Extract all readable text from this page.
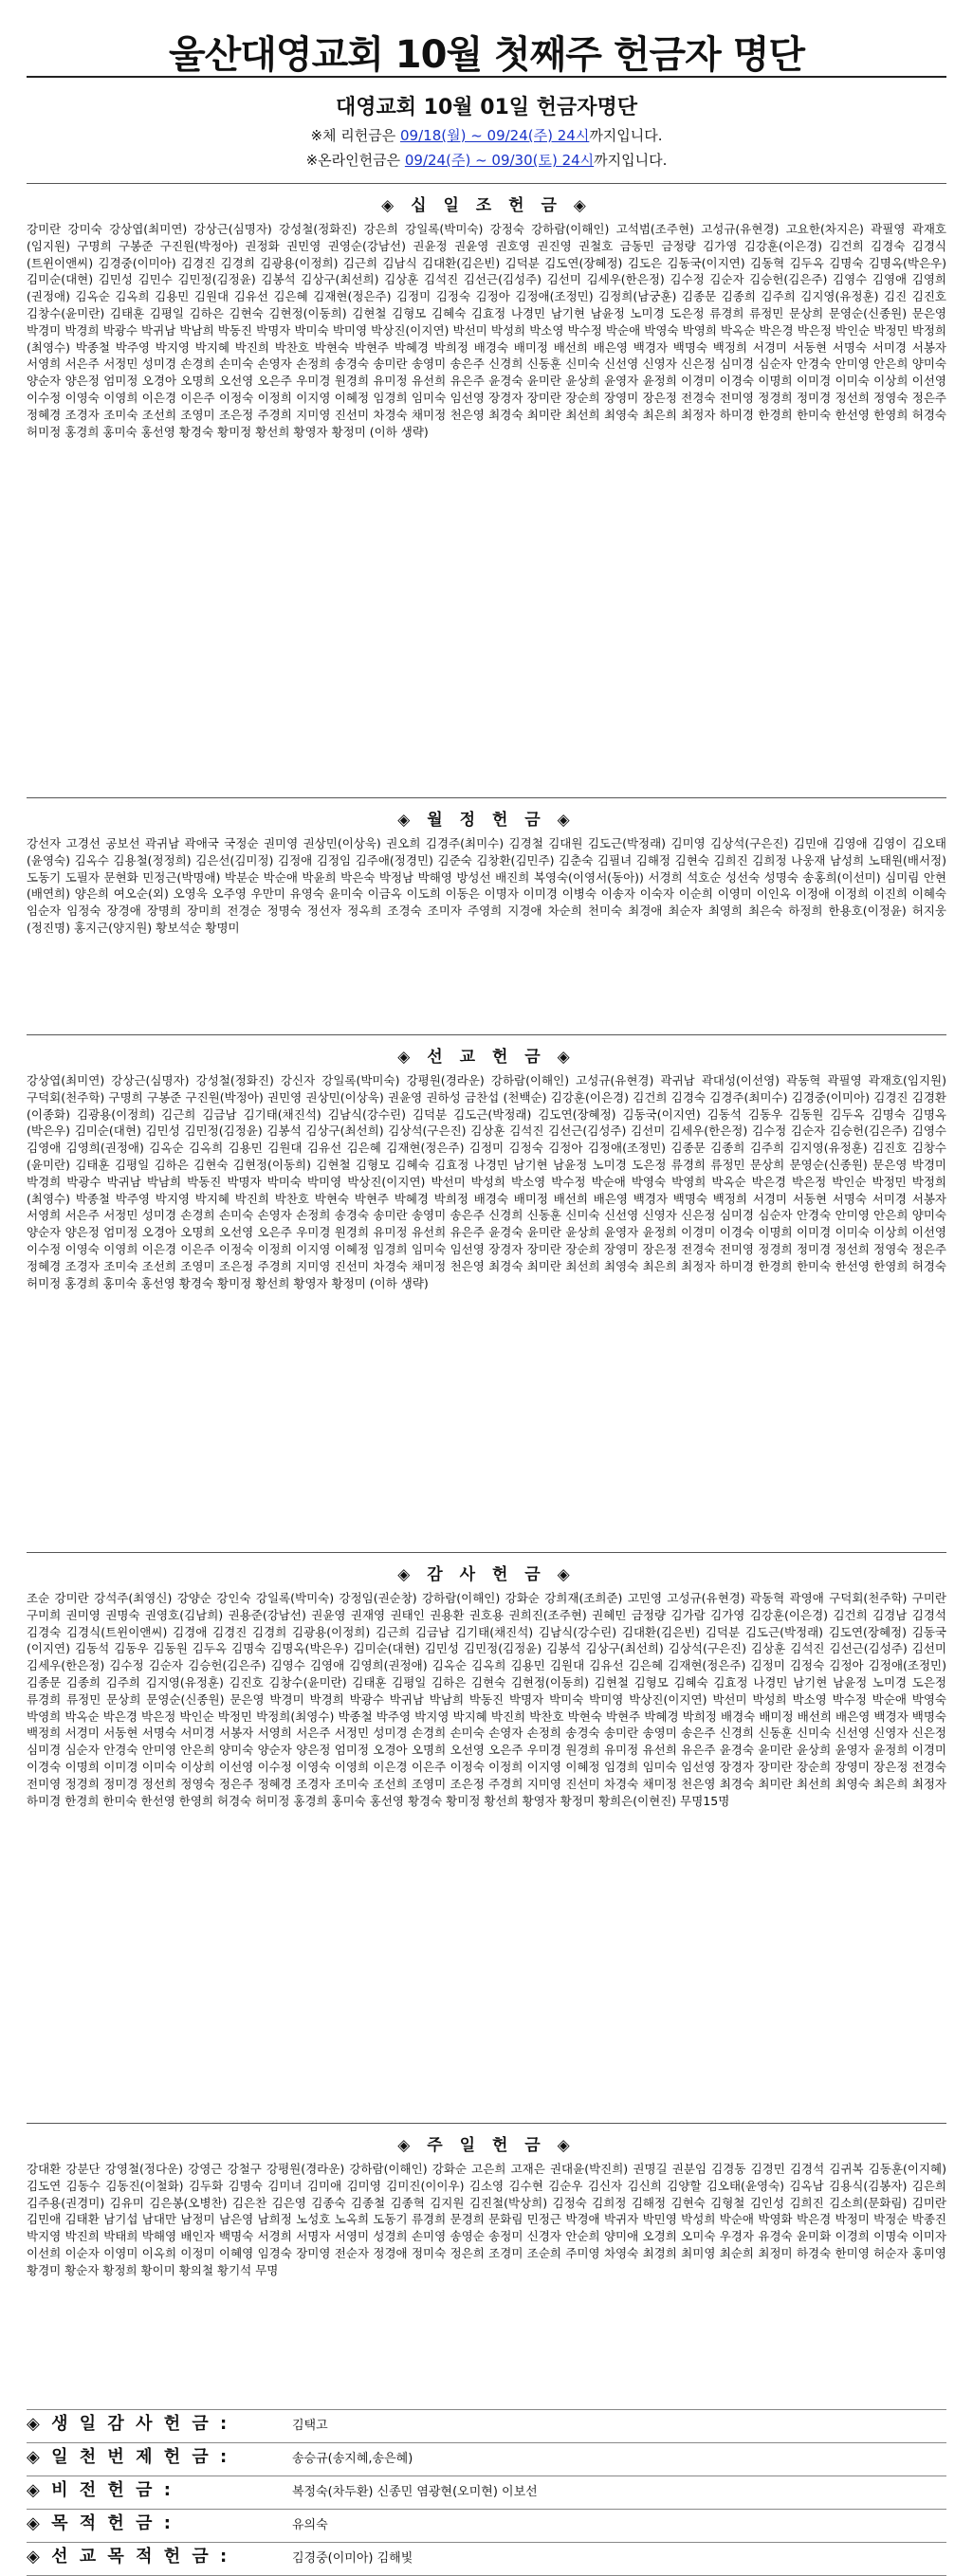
울산대영교회 10월 첫째주 헌금자 명단
대영교회 10월 01일 헌금자명단
※체 리헌금은 09/18(월) ~ 09/24(주) 24시까지입니다.
※온라인헌금은 09/24(주) ~ 09/30(토) 24시까지입니다.
◈ 십 일 조 헌 금 ◈
강미란 강미숙 강상엽(최미연) 강상근(심명자) 강성철(정화진) 강은희 강일록(박미숙) 강정숙 강하람(이해인) 고석범(조주현) 고성규(유현경) 고요한(차지은) 곽필영 곽재호(임지원) 구명희 구봉준 구진원(박정아) 권정화 권민영 권영순(강남선) 권윤정 권윤영 권호영 권진영 권철호 금동민 금정량 김가영 김강훈(이은경) 김건희 김경숙 김경식(트윈이앤씨) 김경중(이미아) 김경진 김경희 김광용(이정희) 김근희 김남식 김대환(김은빈) 김덕분 김도연(장혜정) 김도은 김동국(이지연) 김동혁 김두옥 김명숙 김명옥(박은우) 김미순(대현) 김민성 김민수 김민정(김정윤) 김봉석 김상구(최선희) 김상훈 김석진 김선근(김성주) 김선미 김세우(한은정) 김수정 김순자 김승헌(김은주) 김영수 김영애 김영희(권정애) 김옥순 김옥희 김용민 김원대 김유선 김은혜 김재현(정은주) 김정미 김정숙 김정아 김정애(조정민) 김정희(남궁훈) 김종문 김종희 김주희 김지영(유정훈) 김진 김진호 김창수(윤미란) 김태훈 김평일 김하은 김현숙 김현정(이동희) 김현철 김형모 김혜숙 김효정 나경민 남기현 남윤정 노미경 도은정 류경희 류정민 문상희 문영순(신종원) 문은영 박경미 박경희 박광수 박귀남 박남희 박동진 박명자 박미숙 박미영 박상진(이지연) 박선미 박성희 박소영 박수정 박순애 박영숙 박영희 박옥순 박은경 박은정 박인순 박정민 박정희(최영수) 박종철 박주영 박지영 박지혜 박진희 박찬호 박현숙 박현주 박혜경 박희정 배경숙 배미정 배선희 배은영 백경자 백명숙 백정희 서경미 서동현 서명숙 서미경 서봉자 서영희 서은주 서정민 성미경 손경희 손미숙 손영자 손정희 송경숙 송미란 송영미 송은주 신경희 신동훈 신미숙 신선영 신영자 신은정 심미경 심순자 안경숙 안미영 안은희 양미숙 양순자 양은정 엄미정 오경아 오명희 오선영 오은주 우미경 원경희 유미정 유선희 유은주 윤경숙 윤미란 윤상희 윤영자 윤정희 이경미 이경숙 이명희 이미경 이미숙 이상희 이선영 이수정 이영숙 이영희 이은경 이은주 이정숙 이정희 이지영 이혜정 임경희 임미숙 임선영 장경자 장미란 장순희 장영미 장은정 전경숙 전미영 정경희 정미경 정선희 정영숙 정은주 정혜경 조경자 조미숙 조선희 조영미 조은정 주경희 지미영 진선미 차경숙 채미정 천은영 최경숙 최미란 최선희 최영숙 최은희 최정자 하미경 한경희 한미숙 한선영 한영희 허경숙 허미정 홍경희 홍미숙 홍선영 황경숙 황미정 황선희 황영자 황정미 (이하 생략)
◈ 월 정 헌 금 ◈
강선자 고경선 공보선 곽귀남 곽애국 국정순 권미영 권상민(이상욱) 권오희 김경주(최미수) 김경철 김대원 김도근(박정래) 김미영 김상석(구은진) 김민애 김영애 김영이 김오태(윤영숙) 김옥수 김용철(정정희) 김은선(김미정) 김정애 김정임 김주애(정경민) 김준숙 김창환(김민주) 김춘숙 김필녀 김해정 김현숙 김희진 김희정 나웅재 남성희 노태원(배서정) 도동기 도필자 문현화 민정근(박명애) 박분순 박순애 박윤희 박은숙 박정남 박해영 방성선 배진희 복영숙(이영서(동아)) 서경희 석호순 성선숙 성명숙 송홍희(이선미) 심미림 안현(배연희) 양은희 여오순(외) 오영욱 오주영 우만미 유영숙 윤미숙 이금옥 이도희 이동은 이명자 이미경 이병숙 이송자 이숙자 이순희 이영미 이인옥 이정애 이정희 이진희 이혜숙 임순자 임정숙 장경애 장명희 장미희 전경순 정명숙 정선자 정옥희 조경숙 조미자 주영희 지경애 차순희 천미숙 최경애 최순자 최영희 최은숙 하정희 한용호(이정윤) 허지웅(정진명) 홍지근(양지원) 황보석순 황명미
◈ 선 교 헌 금 ◈
강상엽(최미연) 강상근(심명자) 강성철(정화진) 강신자 강일록(박미숙) 강평원(경라운) 강하람(이해인) 고성규(유현경) 곽귀남 곽대성(이선영) 곽동혁 곽필영 곽재호(임지원) 구덕회(천주학) 구명희 구봉준 구진원(박정아) 권민영 권상민(이상욱) 권윤영 권하성 금찬섭 (천백순) 김강훈(이은경) 김건희 김경숙 김경주(최미수) 김경중(이미아) 김경진 김경환(이종화) 김광용(이정희) 김근희 김금남 김기태(채진석) 김남식(강수린) 김덕분 김도근(박정래) 김도연(장혜정) 김동국(이지연) 김동석 김동우 김동원 김두옥 김명숙 김명옥(박은우) 김미순(대현) 김민성 김민정(김정윤) 김봉석 김상구(최선희) 김상석(구은진) 김상훈 김석진 김선근(김성주) 김선미 김세우(한은정) 김수정 김순자 김승헌(김은주) 김영수 김영애 김영희(권정애) 김옥순 김옥희 김용민 김원대 김유선 김은혜 김재현(정은주) 김정미 김정숙 김정아 김정애(조정민) 김종문 김종희 김주희 김지영(유정훈) 김진호 김창수(윤미란) 김태훈 김평일 김하은 김현숙 김현정(이동희) 김현철 김형모 김혜숙 김효정 나경민 남기현 남윤정 노미경 도은정 류경희 류정민 문상희 문영순(신종원) 문은영 박경미 박경희 박광수 박귀남 박남희 박동진 박명자 박미숙 박미영 박상진(이지연) 박선미 박성희 박소영 박수정 박순애 박영숙 박영희 박옥순 박은경 박은정 박인순 박정민 박정희(최영수) 박종철 박주영 박지영 박지혜 박진희 박찬호 박현숙 박현주 박혜경 박희정 배경숙 배미정 배선희 배은영 백경자 백명숙 백정희 서경미 서동현 서명숙 서미경 서봉자 서영희 서은주 서정민 성미경 손경희 손미숙 손영자 손정희 송경숙 송미란 송영미 송은주 신경희 신동훈 신미숙 신선영 신영자 신은정 심미경 심순자 안경숙 안미영 안은희 양미숙 양순자 양은정 엄미정 오경아 오명희 오선영 오은주 우미경 원경희 유미정 유선희 유은주 윤경숙 윤미란 윤상희 윤영자 윤정희 이경미 이경숙 이명희 이미경 이미숙 이상희 이선영 이수정 이영숙 이영희 이은경 이은주 이정숙 이정희 이지영 이혜정 임경희 임미숙 임선영 장경자 장미란 장순희 장영미 장은정 전경숙 전미영 정경희 정미경 정선희 정영숙 정은주 정혜경 조경자 조미숙 조선희 조영미 조은정 주경희 지미영 진선미 차경숙 채미정 천은영 최경숙 최미란 최선희 최영숙 최은희 최정자 하미경 한경희 한미숙 한선영 한영희 허경숙 허미정 홍경희 홍미숙 홍선영 황경숙 황미정 황선희 황영자 황정미 (이하 생략)
◈ 감 사 헌 금 ◈
조순 강미란 강석주(최영신) 강양순 강인숙 강일록(박미숙) 강정임(권순창) 강하람(이해인) 강화순 강희재(조희준) 고민영 고성규(유현경) 곽동혁 곽영애 구덕회(천주학) 구미란 구미희 권미영 권명숙 권영호(김남희) 권용준(강남선) 권윤영 권재영 권태인 권용환 권호용 권희진(조주현) 권혜민 금정량 김가람 김가영 김강훈(이은경) 김건희 김경남 김경석 김경숙 김경식(트윈이앤씨) 김경애 김경진 김경희 김광용(이정희) 김근희 김금남 김기태(채진석) 김남식(강수린) 김대환(김은빈) 김덕분 김도근(박정래) 김도연(장혜정) 김동국(이지연) 김동석 김동우 김동원 김두옥 김명숙 김명옥(박은우) 김미순(대현) 김민성 김민정(김정윤) 김봉석 김상구(최선희) 김상석(구은진) 김상훈 김석진 김선근(김성주) 김선미 김세우(한은정) 김수정 김순자 김승헌(김은주) 김영수 김영애 김영희(권정애) 김옥순 김옥희 김용민 김원대 김유선 김은혜 김재현(정은주) 김정미 김정숙 김정아 김정애(조정민) 김종문 김종희 김주희 김지영(유정훈) 김진호 김창수(윤미란) 김태훈 김평일 김하은 김현숙 김현정(이동희) 김현철 김형모 김혜숙 김효정 나경민 남기현 남윤정 노미경 도은정 류경희 류정민 문상희 문영순(신종원) 문은영 박경미 박경희 박광수 박귀남 박남희 박동진 박명자 박미숙 박미영 박상진(이지연) 박선미 박성희 박소영 박수정 박순애 박영숙 박영희 박옥순 박은경 박은정 박인순 박정민 박정희(최영수) 박종철 박주영 박지영 박지혜 박진희 박찬호 박현숙 박현주 박혜경 박희정 배경숙 배미정 배선희 배은영 백경자 백명숙 백정희 서경미 서동현 서명숙 서미경 서봉자 서영희 서은주 서정민 성미경 손경희 손미숙 손영자 손정희 송경숙 송미란 송영미 송은주 신경희 신동훈 신미숙 신선영 신영자 신은정 심미경 심순자 안경숙 안미영 안은희 양미숙 양순자 양은정 엄미정 오경아 오명희 오선영 오은주 우미경 원경희 유미정 유선희 유은주 윤경숙 윤미란 윤상희 윤영자 윤정희 이경미 이경숙 이명희 이미경 이미숙 이상희 이선영 이수정 이영숙 이영희 이은경 이은주 이정숙 이정희 이지영 이혜정 임경희 임미숙 임선영 장경자 장미란 장순희 장영미 장은정 전경숙 전미영 정경희 정미경 정선희 정영숙 정은주 정혜경 조경자 조미숙 조선희 조영미 조은정 주경희 지미영 진선미 차경숙 채미정 천은영 최경숙 최미란 최선희 최영숙 최은희 최정자 하미경 한경희 한미숙 한선영 한영희 허경숙 허미정 홍경희 홍미숙 홍선영 황경숙 황미정 황선희 황영자 황정미 황희은(이현진) 무명15명
◈ 주 일 헌 금 ◈
강대환 강분단 강영철(정다운) 강영근 강철구 강평원(경라운) 강하람(이해인) 강화순 고은희 고재은 권대윤(박진희) 권명길 권분임 김경동 김경민 김경석 김귀복 김동훈(이지혜) 김도연 김동수 김동진(이철화) 김두화 김명숙 김미녀 김미애 김미영 김미진(이이우) 김소영 김수현 김순우 김신자 김신희 김양할 김오태(윤영숙) 김옥남 김용식(김봉자) 김은희 김주용(권경미) 김유미 김은봉(오병찬) 김은찬 김은영 김종숙 김종철 김종혁 김지원 김진철(박상희) 김정숙 김희정 김해정 김현숙 김형철 김인성 김희진 김소희(문화림) 김미란 김민애 김태환 남기섭 남대만 남정미 남은영 남희정 노성호 노옥희 도동기 류경희 문경희 문화림 민정근 박경애 박귀자 박민영 박성희 박순애 박영화 박은경 박정미 박정순 박종진 박지영 박진희 박태희 박해영 배인자 백명숙 서경희 서명자 서영미 성경희 손미영 송영순 송정미 신경자 안순희 양미애 오경희 오미숙 우경자 유경숙 윤미화 이경희 이명숙 이미자 이선희 이순자 이영미 이옥희 이정미 이혜영 임경숙 장미영 전순자 정경애 정미숙 정은희 조경미 조순희 주미영 차영숙 최경희 최미영 최순희 최정미 하경숙 한미영 허순자 홍미영 황경미 황순자 황정희 황이미 황의철 황기석 무명
◈ 생 일 감 사 헌 금 :	김택고
◈ 일 천 번 제 헌 금 :	송승규(송지혜,송은혜)
◈ 비 전 헌 금 :	복정숙(차두환) 신종민 염광현(오미현) 이보선
◈ 목 적 헌 금 :	유의숙
◈ 선 교 목 적 헌 금 :	김경중(이미아) 김해빛
